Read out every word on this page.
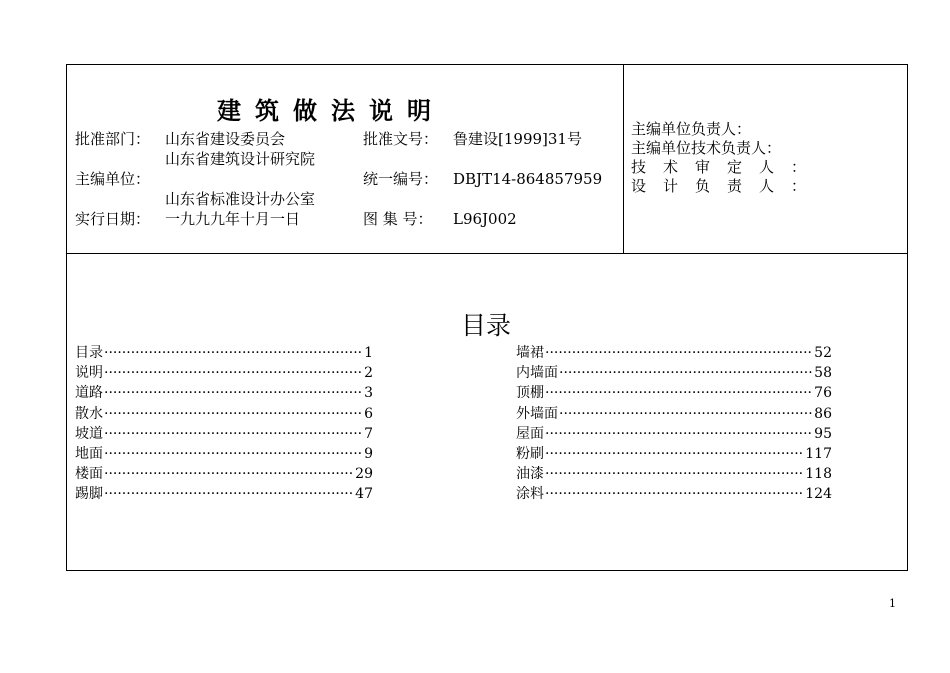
建筑做法说明
批准部门： 山东省建设委员会	批准文号： 鲁建设[1999]31号
山东省建筑设计研究院
主编单位：	统一编号： DBJT14-864857959
山东省标准设计办公室
实行日期： 一九九九年十月一日	图 集 号： L96J002
主编单位负责人：
主编单位技术负责人：
技术审定人：
设计负责人：
目录
目录 ·····	1
说明 ·····	2
道路 ·····	3
散水 ·····	6
坡道 ·····	7
地面 ·····	9
楼面 ·····	29
踢脚 ·····	47
墙裙 ·····	52
内墙面 ·····	58
顶棚 ·····	76
外墙面 ·····	86
屋面 ·····	95
粉刷 ·····	117
油漆 ·····	118
涂料 ·····	124
1
